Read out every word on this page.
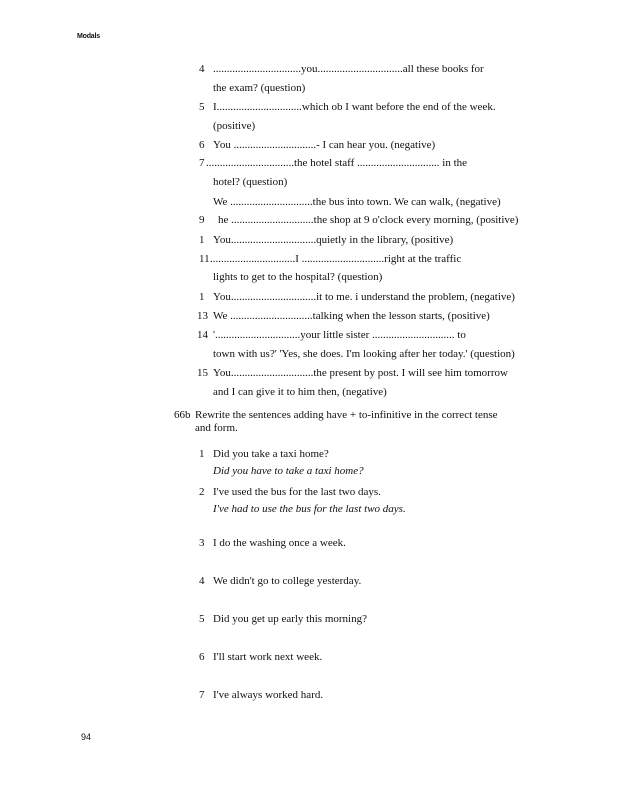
Modals
4 ................................you...............................all these books for
the exam? (question)
5 I...............................which ob I want before the end of the week.
(positive)
6 You ..............................- I can hear you. (negative)
7 ................................the hotel staff .............................. in the
hotel? (question)
We ..............................the bus into town. We can walk, (negative)
9 he ..............................the shop at 9 o'clock every morning, (positive)
1 You...............................quietly in the library, (positive)
11 ...............................I ..............................right at the traffic
lights to get to the hospital? (question)
1 You...............................it to me. i understand the problem, (negative)
13 We ..............................talking when the lesson starts, (positive)
14 '...............................your little sister .............................. to
town with us?' 'Yes, she does. I'm looking after her today.' (question)
15 You..............................the present by post. I will see him tomorrow
and I can give it to him then, (negative)
66b Rewrite the sentences adding have + to-infinitive in the correct tense
and form.
1 Did you take a taxi home?
Did you have to take a taxi home?
2 I've used the bus for the last two days.
I've had to use the bus for the last two days.
3 I do the washing once a week.
4 We didn't go to college yesterday.
5 Did you get up early this morning?
6 I'll start work next week.
7 I've always worked hard.
94
